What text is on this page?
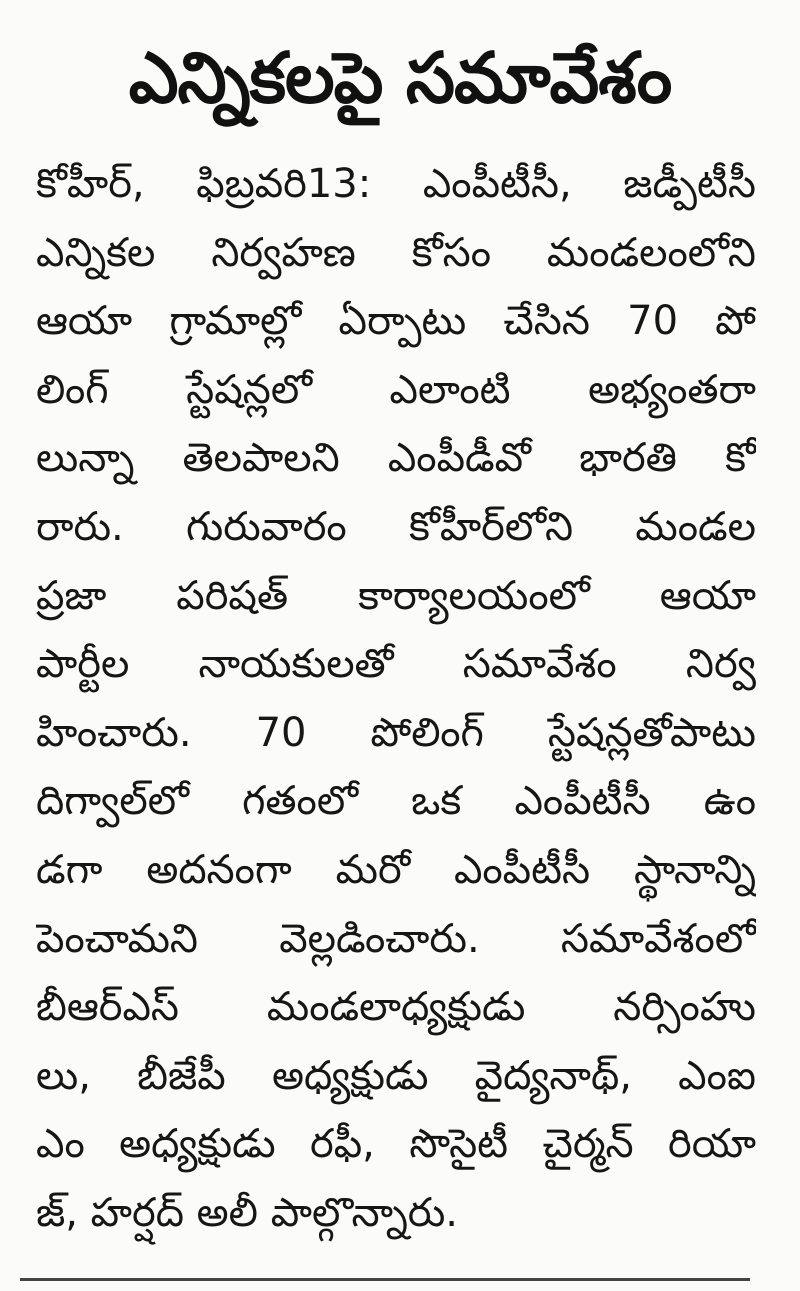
ఎన్నికలపై సమావేశం
కోహీర్, ఫిబ్రవరి13: ఎంపీటీసీ, జడ్పీటీసీ
ఎన్నికల నిర్వహణ కోసం మండలంలోని
ఆయా గ్రామాల్లో ఏర్పాటు చేసిన 70 పో
లింగ్ స్టేషన్లలో ఎలాంటి అభ్యంతరా
లున్నా తెలపాలని ఎంపీడీవో భారతి కో
రారు. గురువారం కోహీర్‌లోని మండల
ప్రజా పరిషత్ కార్యాలయంలో ఆయా
పార్టీల నాయకులతో సమావేశం నిర్వ
హించారు. 70 పోలింగ్ స్టేషన్లతోపాటు
దిగ్వాల్‌లో గతంలో ఒక ఎంపీటీసీ ఉం
డగా అదనంగా మరో ఎంపీటీసీ స్థానాన్ని
పెంచామని వెల్లడించారు. సమావేశంలో
బీఆర్ఎస్ మండలాధ్యక్షుడు నర్సింహు
లు, బీజేపీ అధ్యక్షుడు వైద్యనాథ్, ఎంఐ
ఎం అధ్యక్షుడు రఫీ, సొసైటీ చైర్మన్ రియా
జ్, హర్షద్ అలీ పాల్గొన్నారు.
